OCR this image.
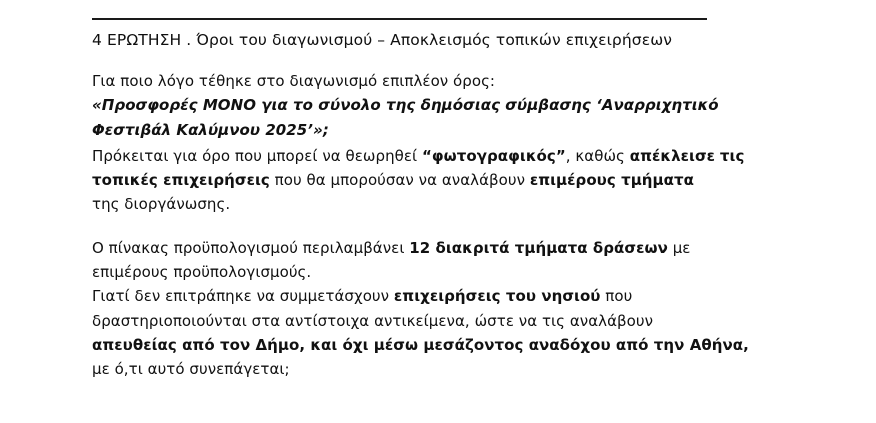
4 ΕΡΩΤΗΣΗ . Όροι του διαγωνισμού – Αποκλεισμός τοπικών επιχειρήσεων

Για ποιο λόγο τέθηκε στο διαγωνισμό επιπλέον όρος:
«Προσφορές ΜΟΝΟ για το σύνολο της δημόσιας σύμβασης ‘Αναρριχητικό
Φεστιβάλ Καλύμνου 2025’»;

Πρόκειται για όρο που μπορεί να θεωρηθεί “φωτογραφικός”, καθώς απέκλεισε τις τοπικές επιχειρήσεις που θα μπορούσαν να αναλάβουν επιμέρους τμήματα
της διοργάνωσης.

Ο πίνακας προϋπολογισμού περιλαμβάνει 12 διακριτά τμήματα δράσεων με
επιμέρους προϋπολογισμούς.

Γιατί δεν επιτράπηκε να συμμετάσχουν επιχειρήσεις του νησιού που
δραστηριοποιούνται στα αντίστοιχα αντικείμενα, ώστε να τις αναλάβουν
απευθείας από τον Δήμο, και όχι μέσω μεσάζοντος αναδόχου από την Αθήνα,
με ό,τι αυτό συνεπάγεται;
